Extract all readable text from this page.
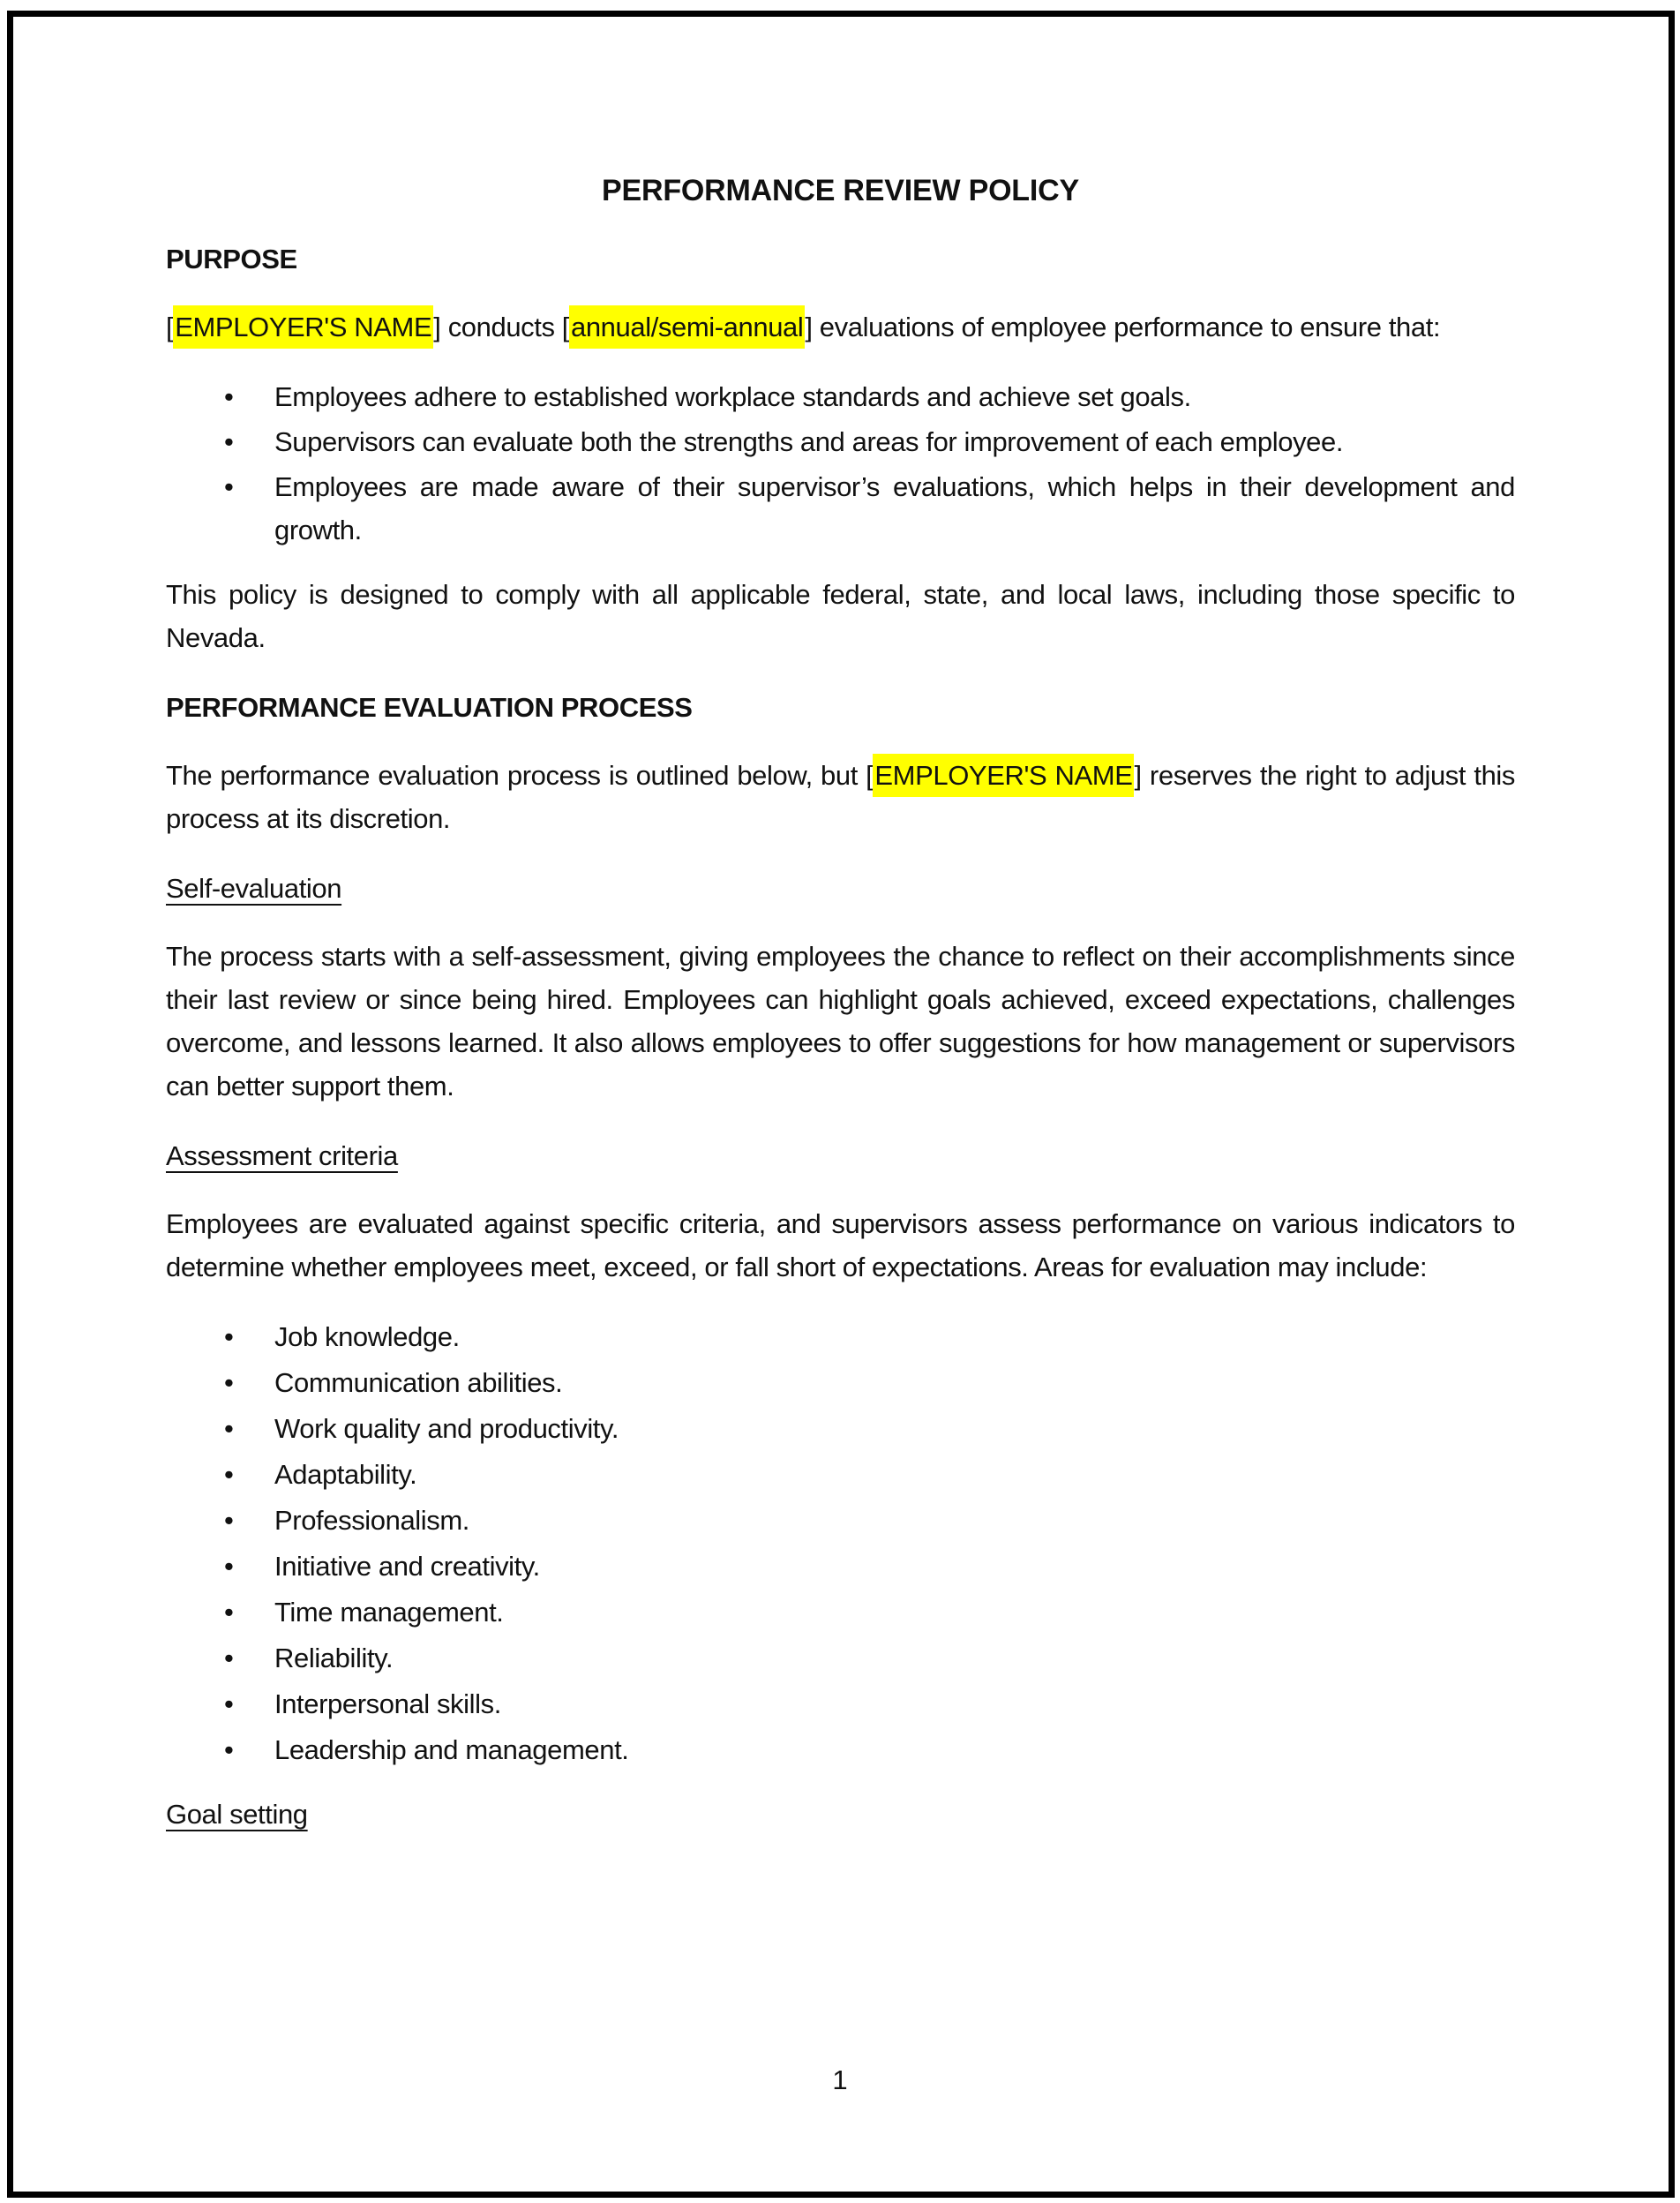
PERFORMANCE REVIEW POLICY
PURPOSE

[EMPLOYER'S NAME] conducts [annual/semi-annual] evaluations of employee performance to ensure that:

• Employees adhere to established workplace standards and achieve set goals.
• Supervisors can evaluate both the strengths and areas for improvement of each employee.
• Employees are made aware of their supervisor’s evaluations, which helps in their development and growth.

This policy is designed to comply with all applicable federal, state, and local laws, including those specific to Nevada.

PERFORMANCE EVALUATION PROCESS

The performance evaluation process is outlined below, but [EMPLOYER'S NAME] reserves the right to adjust this process at its discretion.

Self-evaluation

The process starts with a self-assessment, giving employees the chance to reflect on their accomplishments since their last review or since being hired. Employees can highlight goals achieved, exceed expectations, challenges overcome, and lessons learned. It also allows employees to offer suggestions for how management or supervisors can better support them.

Assessment criteria

Employees are evaluated against specific criteria, and supervisors assess performance on various indicators to determine whether employees meet, exceed, or fall short of expectations. Areas for evaluation may include:

• Job knowledge.
• Communication abilities.
• Work quality and productivity.
• Adaptability.
• Professionalism.
• Initiative and creativity.
• Time management.
• Reliability.
• Interpersonal skills.
• Leadership and management.
Goal setting
1
